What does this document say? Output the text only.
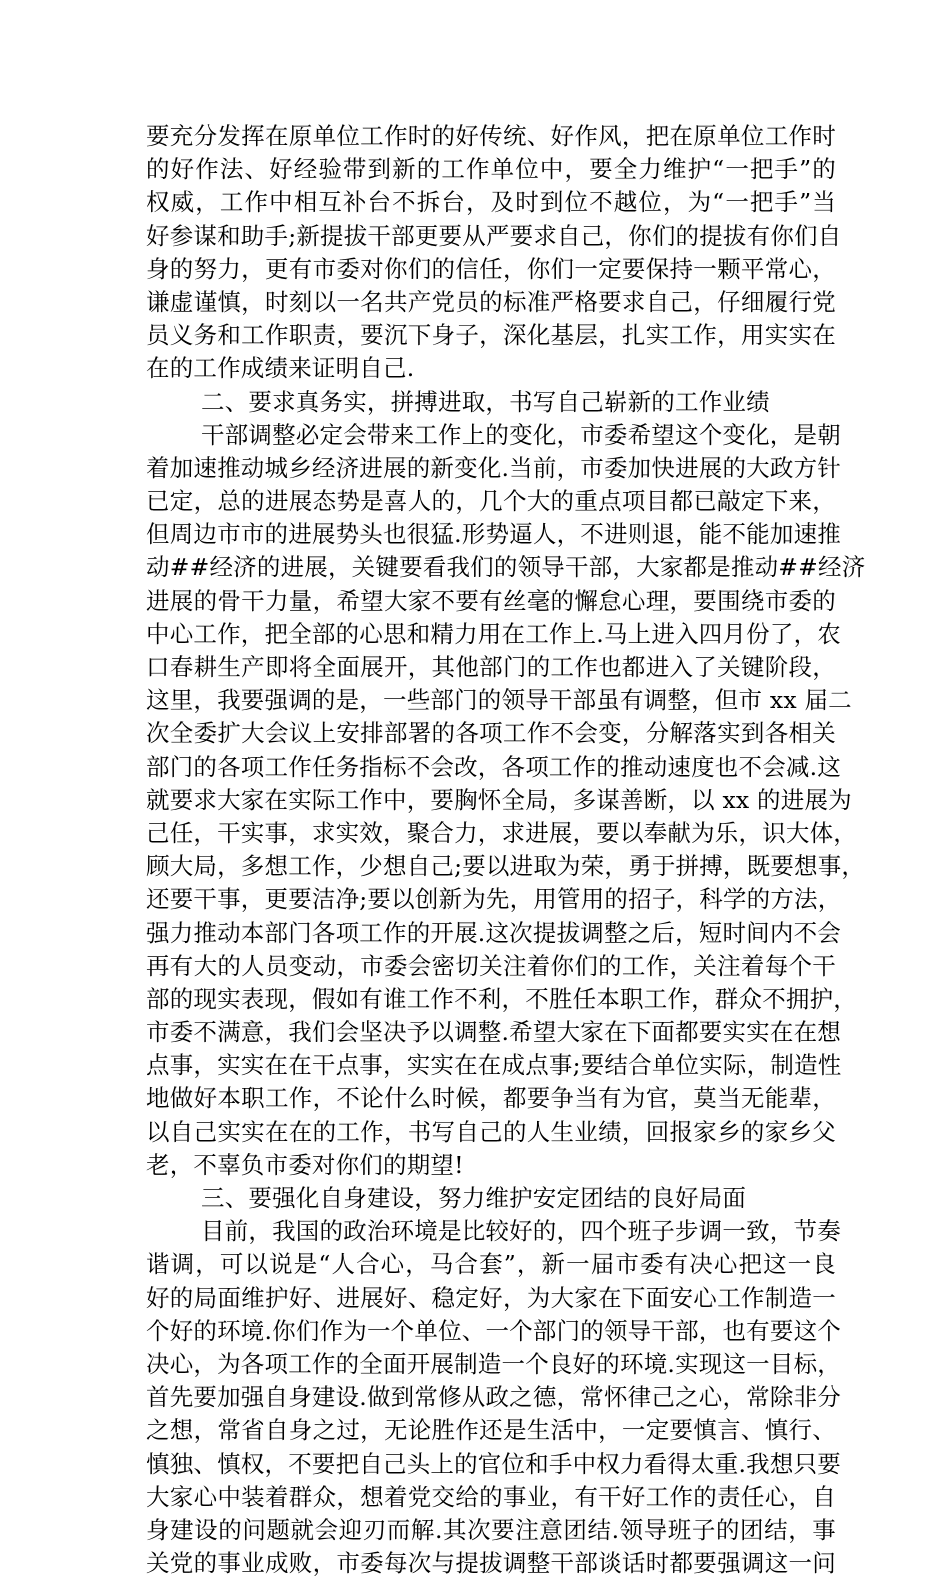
要充分发挥在原单位工作时的好传统、好作风，把在原单位工作时
的好作法、好经验带到新的工作单位中，要全力维护“一把手”的
权威，工作中相互补台不拆台，及时到位不越位，为“一把手”当
好参谋和助手;新提拔干部更要从严要求自己，你们的提拔有你们自
身的努力，更有市委对你们的信任，你们一定要保持一颗平常心，
谦虚谨慎，时刻以一名共产党员的标准严格要求自己，仔细履行党
员义务和工作职责，要沉下身子，深化基层，扎实工作，用实实在
在的工作成绩来证明自己.
二、要求真务实，拼搏进取，书写自己崭新的工作业绩
干部调整必定会带来工作上的变化，市委希望这个变化，是朝
着加速推动城乡经济进展的新变化.当前，市委加快进展的大政方针
已定，总的进展态势是喜人的，几个大的重点项目都已敲定下来，
但周边市市的进展势头也很猛.形势逼人，不进则退，能不能加速推
动##经济的进展，关键要看我们的领导干部，大家都是推动##经济
进展的骨干力量，希望大家不要有丝毫的懈怠心理，要围绕市委的
中心工作，把全部的心思和精力用在工作上.马上进入四月份了，农
口春耕生产即将全面展开，其他部门的工作也都进入了关键阶段，
这里，我要强调的是，一些部门的领导干部虽有调整，但市 xx 届二
次全委扩大会议上安排部署的各项工作不会变，分解落实到各相关
部门的各项工作任务指标不会改，各项工作的推动速度也不会减.这
就要求大家在实际工作中，要胸怀全局，多谋善断，以 xx 的进展为
己任，干实事，求实效，聚合力，求进展，要以奉献为乐，识大体，
顾大局，多想工作，少想自己;要以进取为荣，勇于拼搏，既要想事，
还要干事，更要洁净;要以创新为先，用管用的招子，科学的方法，
强力推动本部门各项工作的开展.这次提拔调整之后，短时间内不会
再有大的人员变动，市委会密切关注着你们的工作，关注着每个干
部的现实表现，假如有谁工作不利，不胜任本职工作，群众不拥护，
市委不满意，我们会坚决予以调整.希望大家在下面都要实实在在想
点事，实实在在干点事，实实在在成点事;要结合单位实际，制造性
地做好本职工作，不论什么时候，都要争当有为官，莫当无能辈，
以自己实实在在的工作，书写自己的人生业绩，回报家乡的家乡父
老，不辜负市委对你们的期望!
三、要强化自身建设，努力维护安定团结的良好局面
目前，我国的政治环境是比较好的，四个班子步调一致，节奏
谐调，可以说是“人合心，马合套”，新一届市委有决心把这一良
好的局面维护好、进展好、稳定好，为大家在下面安心工作制造一
个好的环境.你们作为一个单位、一个部门的领导干部，也有要这个
决心，为各项工作的全面开展制造一个良好的环境.实现这一目标，
首先要加强自身建设.做到常修从政之德，常怀律己之心，常除非分
之想，常省自身之过，无论胜作还是生活中，一定要慎言、慎行、
慎独、慎权，不要把自己头上的官位和手中权力看得太重.我想只要
大家心中装着群众，想着党交给的事业，有干好工作的责任心，自
身建设的问题就会迎刃而解.其次要注意团结.领导班子的团结，事
关党的事业成败，市委每次与提拔调整干部谈话时都要强调这一问
